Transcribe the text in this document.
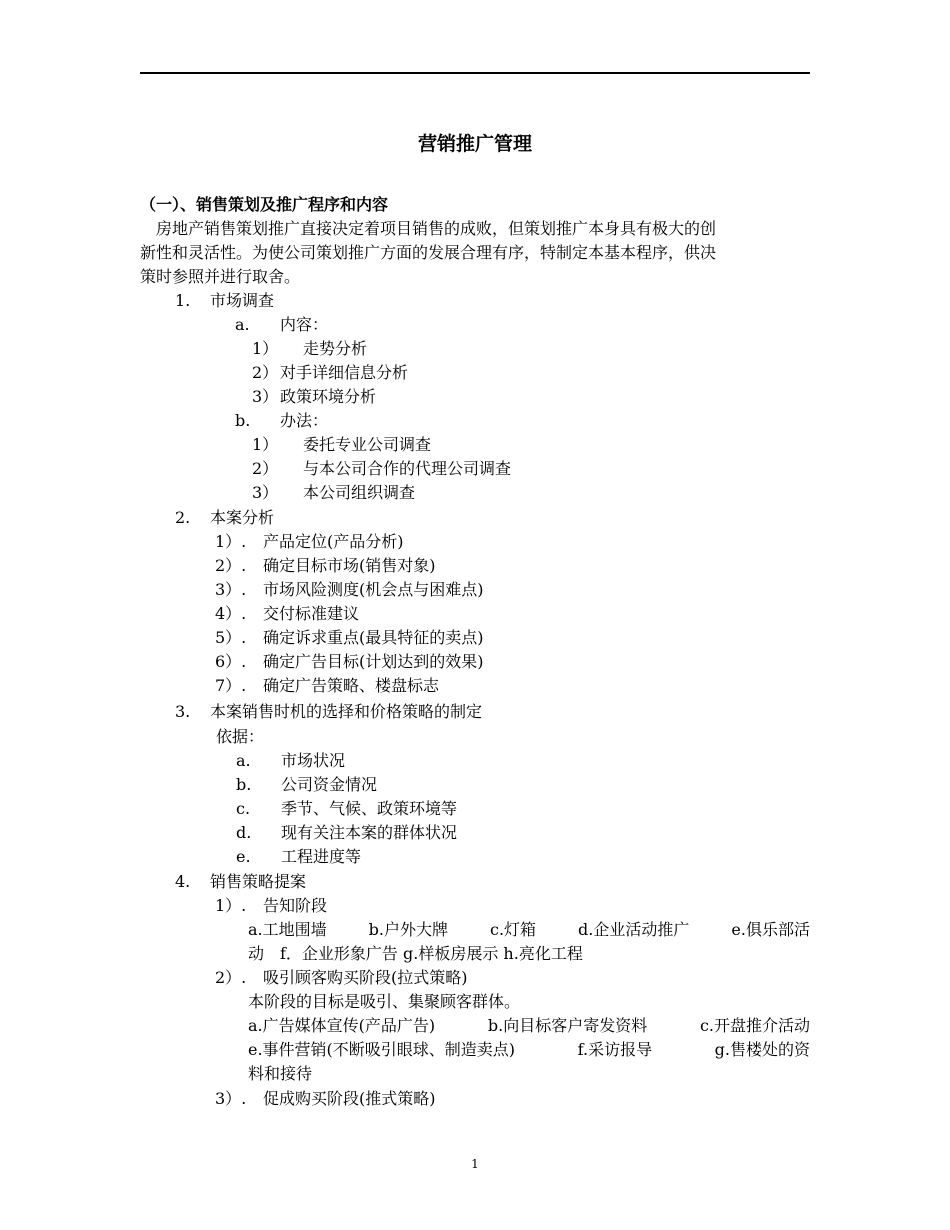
营销推广管理
（一）、销售策划及推广程序和内容
房地产销售策划推广直接决定着项目销售的成败，但策划推广本身具有极大的创
新性和灵活性。为使公司策划推广方面的发展合理有序，特制定本基本程序，供决
策时参照并进行取舍。
1. 市场调查
a. 内容：
1） 走势分析
2） 对手详细信息分析
3） 政策环境分析
b. 办法：
1） 委托专业公司调查
2） 与本公司合作的代理公司调查
3） 本公司组织调查
2. 本案分析
1）. 产品定位(产品分析)
2）. 确定目标市场(销售对象)
3）. 市场风险测度(机会点与困难点)
4）. 交付标准建议
5）. 确定诉求重点(最具特征的卖点)
6）. 确定广告目标(计划达到的效果)
7）. 确定广告策略、楼盘标志
3. 本案销售时机的选择和价格策略的制定
依据：
a. 市场状况
b. 公司资金情况
c. 季节、气候、政策环境等
d. 现有关注本案的群体状况
e. 工程进度等
4. 销售策略提案
1）. 告知阶段
a.工地围墙	b.户外大牌	c.灯箱	d.企业活动推广	e.俱乐部活
动　f．企业形象广告 g.样板房展示 h.亮化工程
2）. 吸引顾客购买阶段(拉式策略)
本阶段的目标是吸引、集聚顾客群体。
a.广告媒体宣传(产品广告)	b.向目标客户寄发资料	c.开盘推介活动
e.事件营销(不断吸引眼球、制造卖点)	f.采访报导	g.售楼处的资
料和接待
3）. 促成购买阶段(推式策略)
1
